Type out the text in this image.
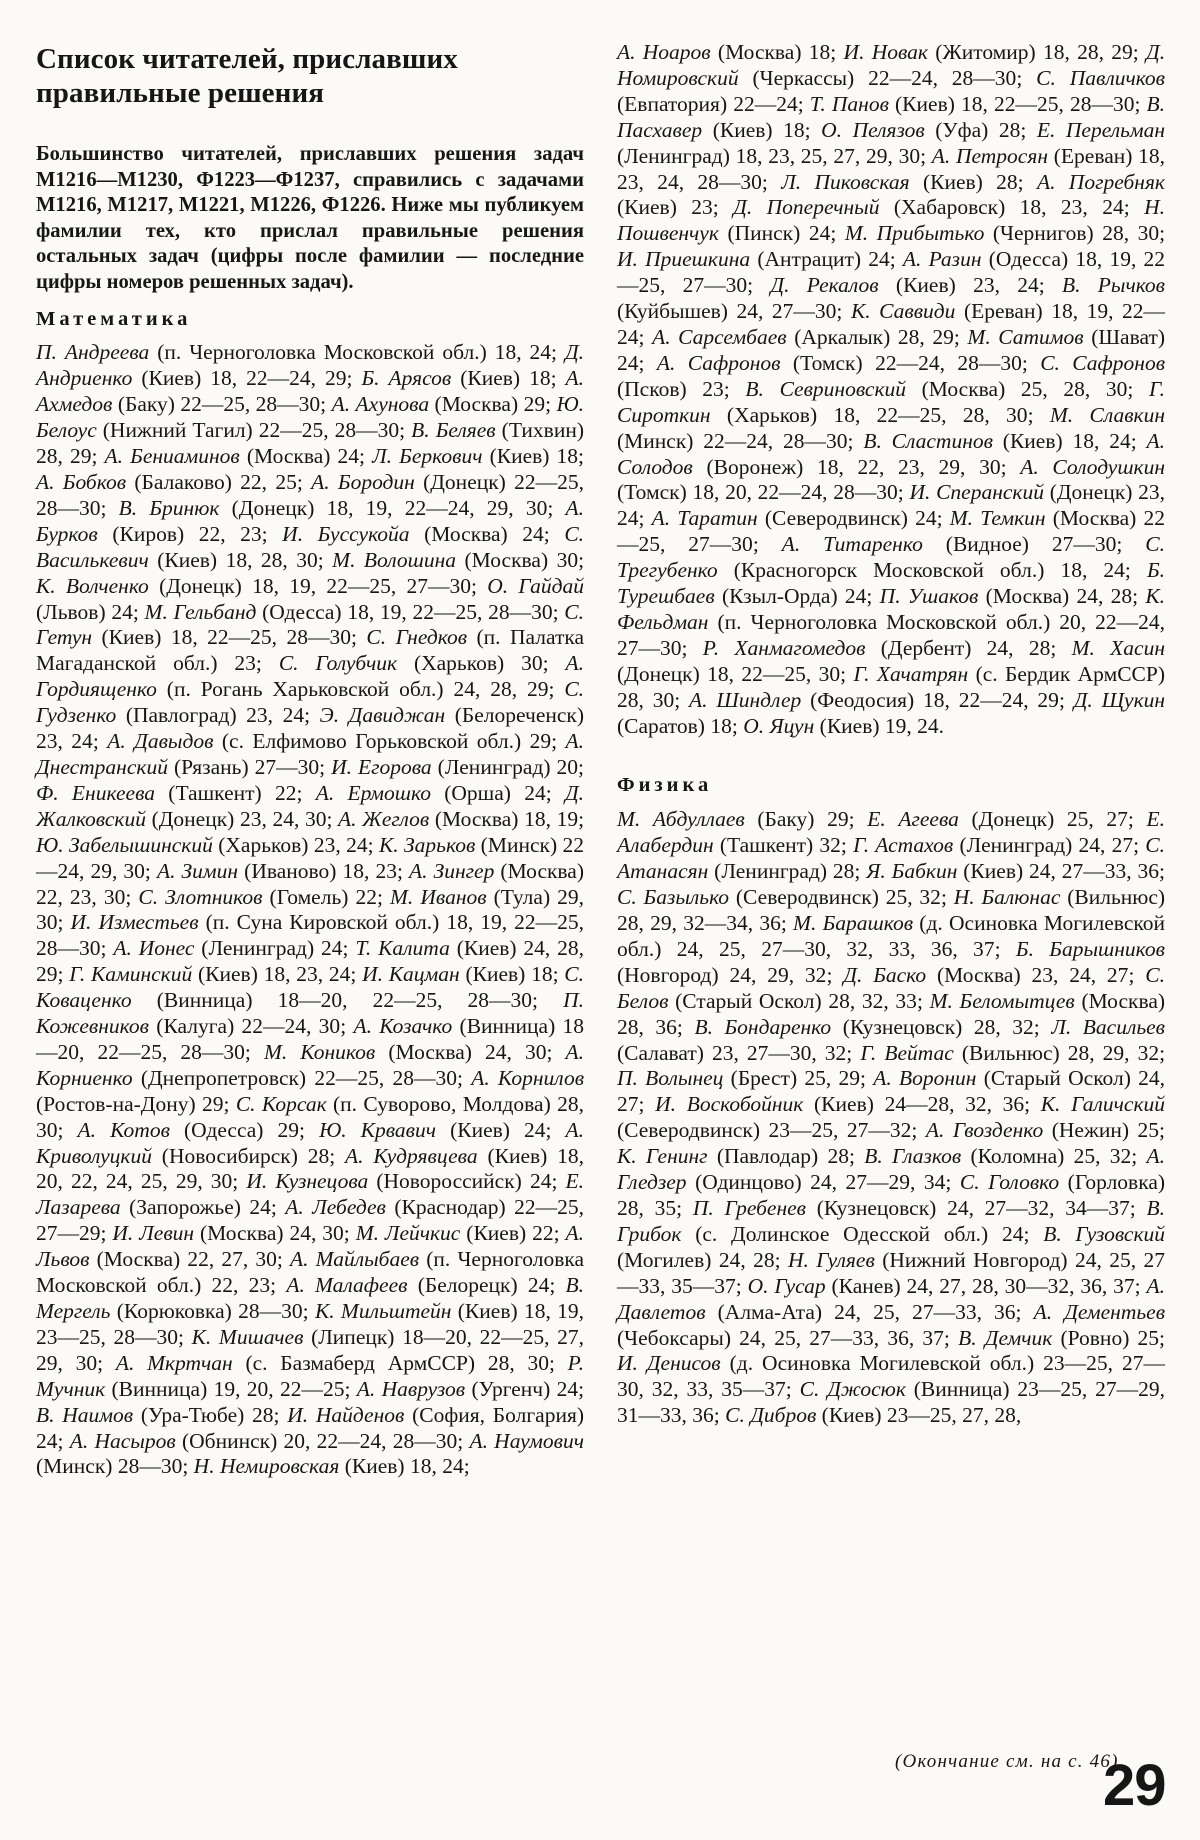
Список читателей, приславших правильные решения

Большинство читателей, приславших решения задач М1216—М1230, Ф1223—Ф1237, справились с задачами М1216, М1217, М1221, М1226, Ф1226. Ниже мы публикуем фамилии тех, кто прислал правильные решения остальных задач (цифры после фамилии — последние цифры номеров решенных задач).

Математика

П. Андреева (п. Черноголовка Московской обл.) 18, 24; Д. Андриенко (Киев) 18, 22—24, 29; Б. Арясов (Киев) 18; А. Ахмедов (Баку) 22—25, 28—30; А. Ахунова (Москва) 29; Ю. Белоус (Нижний Тагил) 22—25, 28—30; В. Беляев (Тихвин) 28, 29; А. Бениаминов (Москва) 24; Л. Беркович (Киев) 18; А. Бобков (Балаково) 22, 25; А. Бородин (Донецк) 22—25, 28—30; В. Бринюк (Донецк) 18, 19, 22—24, 29, 30; А. Бурков (Киров) 22, 23; И. Буссукойа (Москва) 24; С. Василькевич (Киев) 18, 28, 30; М. Волошина (Москва) 30; К. Волченко (Донецк) 18, 19, 22—25, 27—30; О. Гайдай (Львов) 24; М. Гельбанд (Одесса) 18, 19, 22—25, 28—30; С. Гетун (Киев) 18, 22—25, 28—30; С. Гнедков (п. Палатка Магаданской обл.) 23; С. Голубчик (Харьков) 30; А. Гордиященко (п. Рогань Харьковской обл.) 24, 28, 29; С. Гудзенко (Павлоград) 23, 24; Э. Давиджан (Белореченск) 23, 24; А. Давыдов (с. Елфимово Горьковской обл.) 29; А. Днестранский (Рязань) 27—30; И. Егорова (Ленинград) 20; Ф. Еникеева (Ташкент) 22; А. Ермошко (Орша) 24; Д. Жалковский (Донецк) 23, 24, 30; А. Жеглов (Москва) 18, 19; Ю. Забелышинский (Харьков) 23, 24; К. Зарьков (Минск) 22—24, 29, 30; А. Зимин (Иваново) 18, 23; А. Зингер (Москва) 22, 23, 30; С. Злотников (Гомель) 22; М. Иванов (Тула) 29, 30; И. Изместьев (п. Суна Кировской обл.) 18, 19, 22—25, 28—30; А. Ионес (Ленинград) 24; Т. Калита (Киев) 24, 28, 29; Г. Каминский (Киев) 18, 23, 24; И. Кацман (Киев) 18; С. Коваценко (Винница) 18—20, 22—25, 28—30; П. Кожевников (Калуга) 22—24, 30; А. Козачко (Винница) 18—20, 22—25, 28—30; М. Коников (Москва) 24, 30; А. Корниенко (Днепропетровск) 22—25, 28—30; А. Корнилов (Ростов-на-Дону) 29; С. Корсак (п. Суворово, Молдова) 28, 30; А. Котов (Одесса) 29; Ю. Крвавич (Киев) 24; А. Криволуцкий (Новосибирск) 28; А. Кудрявцева (Киев) 18, 20, 22, 24, 25, 29, 30; И. Кузнецова (Новороссийск) 24; Е. Лазарева (Запорожье) 24; А. Лебедев (Краснодар) 22—25, 27—29; И. Левин (Москва) 24, 30; М. Лейчкис (Киев) 22; А. Львов (Москва) 22, 27, 30; А. Майлыбаев (п. Черноголовка Московской обл.) 22, 23; А. Малафеев (Белорецк) 24; В. Мергель (Корюковка) 28—30; К. Мильштейн (Киев) 18, 19, 23—25, 28—30; К. Мишачев (Липецк) 18—20, 22—25, 27, 29, 30; А. Мкртчан (с. Базмаберд АрмССР) 28, 30; Р. Мучник (Винница) 19, 20, 22—25; А. Наврузов (Ургенч) 24; В. Наимов (Ура-Тюбе) 28; И. Найденов (София, Болгария) 24; А. Насыров (Обнинск) 20, 22—24, 28—30; А. Наумович (Минск) 28—30; Н. Немировская (Киев) 18, 24;

А. Ноаров (Москва) 18; И. Новак (Житомир) 18, 28, 29; Д. Номировский (Черкассы) 22—24, 28—30; С. Павличков (Евпатория) 22—24; Т. Панов (Киев) 18, 22—25, 28—30; В. Пасхавер (Киев) 18; О. Пелязов (Уфа) 28; Е. Перельман (Ленинград) 18, 23, 25, 27, 29, 30; А. Петросян (Ереван) 18, 23, 24, 28—30; Л. Пиковская (Киев) 28; А. Погребняк (Киев) 23; Д. Поперечный (Хабаровск) 18, 23, 24; Н. Пошвенчук (Пинск) 24; М. Прибытько (Чернигов) 28, 30; И. Приешкина (Антрацит) 24; А. Разин (Одесса) 18, 19, 22—25, 27—30; Д. Рекалов (Киев) 23, 24; В. Рычков (Куйбышев) 24, 27—30; К. Саввиди (Ереван) 18, 19, 22—24; А. Сарсембаев (Аркалык) 28, 29; М. Сатимов (Шават) 24; А. Сафронов (Томск) 22—24, 28—30; С. Сафронов (Псков) 23; В. Севриновский (Москва) 25, 28, 30; Г. Сироткин (Харьков) 18, 22—25, 28, 30; М. Славкин (Минск) 22—24, 28—30; В. Сластинов (Киев) 18, 24; А. Солодов (Воронеж) 18, 22, 23, 29, 30; А. Солодушкин (Томск) 18, 20, 22—24, 28—30; И. Сперанский (Донецк) 23, 24; А. Таратин (Северодвинск) 24; М. Темкин (Москва) 22—25, 27—30; А. Титаренко (Видное) 27—30; С. Трегубенко (Красногорск Московской обл.) 18, 24; Б. Турешбаев (Кзыл-Орда) 24; П. Ушаков (Москва) 24, 28; К. Фельдман (п. Черноголовка Московской обл.) 20, 22—24, 27—30; Р. Ханмагомедов (Дербент) 24, 28; М. Хасин (Донецк) 18, 22—25, 30; Г. Хачатрян (с. Бердик АрмССР) 28, 30; А. Шиндлер (Феодосия) 18, 22—24, 29; Д. Щукин (Саратов) 18; О. Яцун (Киев) 19, 24.

Физика

М. Абдуллаев (Баку) 29; Е. Агеева (Донецк) 25, 27; Е. Алабердин (Ташкент) 32; Г. Астахов (Ленинград) 24, 27; С. Атанасян (Ленинград) 28; Я. Бабкин (Киев) 24, 27—33, 36; С. Базылько (Северодвинск) 25, 32; Н. Балюнас (Вильнюс) 28, 29, 32—34, 36; М. Барашков (д. Осиновка Могилевской обл.) 24, 25, 27—30, 32, 33, 36, 37; Б. Барышников (Новгород) 24, 29, 32; Д. Баско (Москва) 23, 24, 27; С. Белов (Старый Оскол) 28, 32, 33; М. Беломытцев (Москва) 28, 36; В. Бондаренко (Кузнецовск) 28, 32; Л. Васильев (Салават) 23, 27—30, 32; Г. Вейтас (Вильнюс) 28, 29, 32; П. Волынец (Брест) 25, 29; А. Воронин (Старый Оскол) 24, 27; И. Воскобойник (Киев) 24—28, 32, 36; К. Галичский (Северодвинск) 23—25, 27—32; А. Гвозденко (Нежин) 25; К. Генинг (Павлодар) 28; В. Глазков (Коломна) 25, 32; А. Гледзер (Одинцово) 24, 27—29, 34; С. Головко (Горловка) 28, 35; П. Гребенев (Кузнецовск) 24, 27—32, 34—37; В. Грибок (с. Долинское Одесской обл.) 24; В. Гузовский (Могилев) 24, 28; Н. Гуляев (Нижний Новгород) 24, 25, 27—33, 35—37; О. Гусар (Канев) 24, 27, 28, 30—32, 36, 37; А. Давлетов (Алма-Ата) 24, 25, 27—33, 36; А. Дементьев (Чебоксары) 24, 25, 27—33, 36, 37; В. Демчик (Ровно) 25; И. Денисов (д. Осиновка Могилевской обл.) 23—25, 27—30, 32, 33, 35—37; С. Джосюк (Винница) 23—25, 27—29, 31—33, 36; С. Дибров (Киев) 23—25, 27, 28,

(Окончание см. на с. 46)
29
